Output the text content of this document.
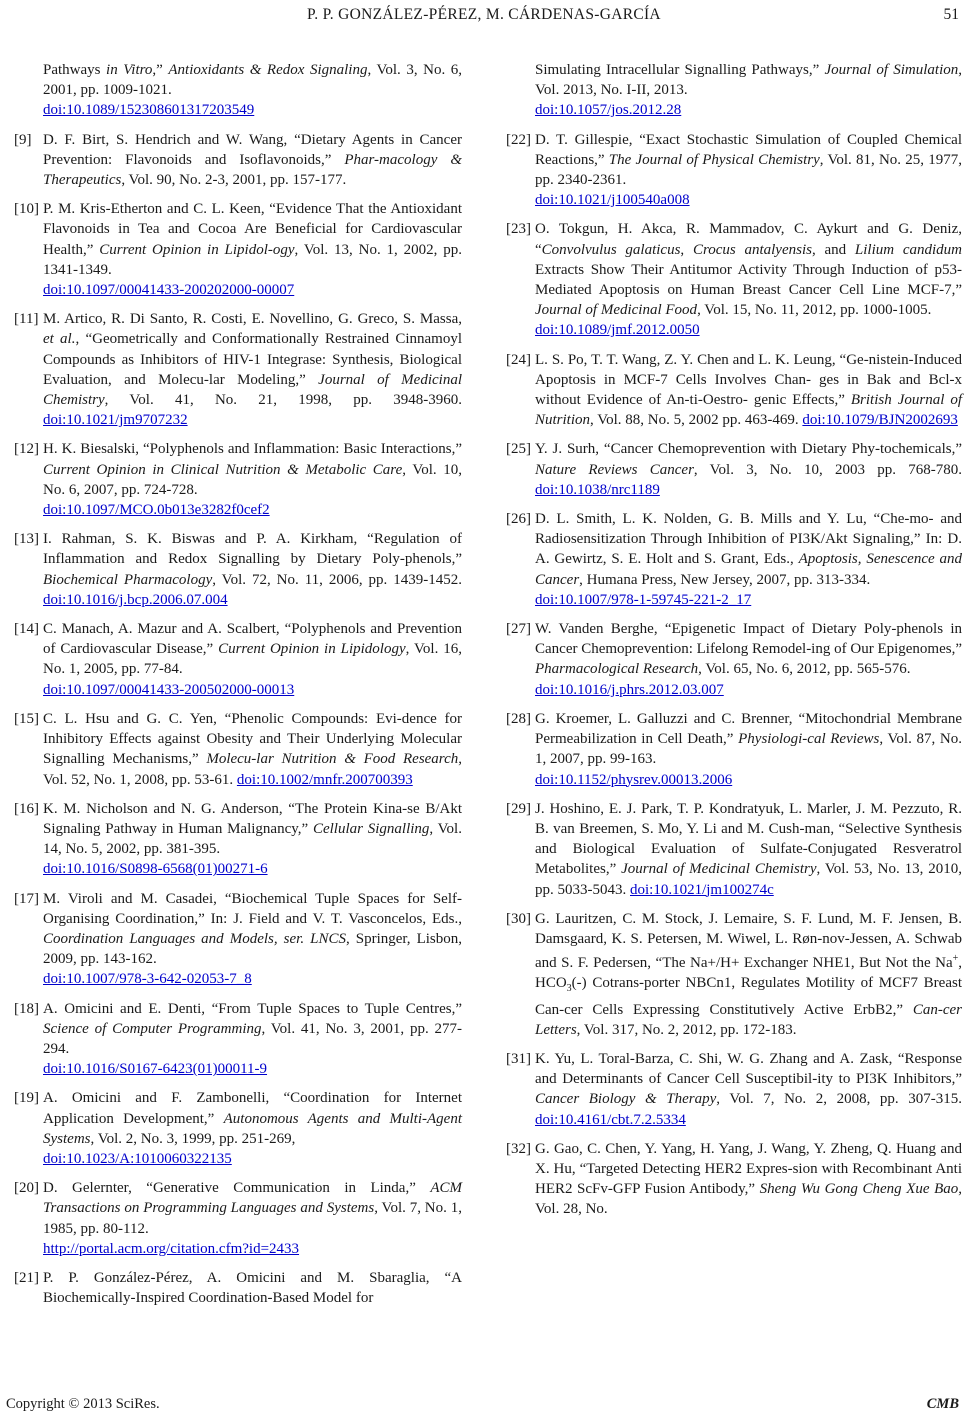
P. P. GONZÁLEZ-PÉREZ, M. CÁRDENAS-GARCÍA	51
Pathways in Vitro,” Antioxidants & Redox Signaling, Vol. 3, No. 6, 2001, pp. 1009-1021.
doi:10.1089/152308601317203549
[9] D. F. Birt, S. Hendrich and W. Wang, “Dietary Agents in Cancer Prevention: Flavonoids and Isoflavonoids,” Phar-macology & Therapeutics, Vol. 90, No. 2-3, 2001, pp. 157-177.
[10] P. M. Kris-Etherton and C. L. Keen, “Evidence That the Antioxidant Flavonoids in Tea and Cocoa Are Beneficial for Cardiovascular Health,” Current Opinion in Lipidol-ogy, Vol. 13, No. 1, 2002, pp. 1341-1349.
doi:10.1097/00041433-200202000-00007
[11] M. Artico, R. Di Santo, R. Costi, E. Novellino, G. Greco, S. Massa, et al., “Geometrically and Conformationally Restrained Cinnamoyl Compounds as Inhibitors of HIV-1 Integrase: Synthesis, Biological Evaluation, and Molecu-lar Modeling,” Journal of Medicinal Chemistry, Vol. 41, No. 21, 1998, pp. 3948-3960. doi:10.1021/jm9707232
[12] H. K. Biesalski, “Polyphenols and Inflammation: Basic Interactions,” Current Opinion in Clinical Nutrition & Metabolic Care, Vol. 10, No. 6, 2007, pp. 724-728.
doi:10.1097/MCO.0b013e3282f0cef2
[13] I. Rahman, S. K. Biswas and P. A. Kirkham, “Regulation of Inflammation and Redox Signalling by Dietary Poly-phenols,” Biochemical Pharmacology, Vol. 72, No. 11, 2006, pp. 1439-1452. doi:10.1016/j.bcp.2006.07.004
[14] C. Manach, A. Mazur and A. Scalbert, “Polyphenols and Prevention of Cardiovascular Disease,” Current Opinion in Lipidology, Vol. 16, No. 1, 2005, pp. 77-84.
doi:10.1097/00041433-200502000-00013
[15] C. L. Hsu and G. C. Yen, “Phenolic Compounds: Evi-dence for Inhibitory Effects against Obesity and Their Underlying Molecular Signalling Mechanisms,” Molecu-lar Nutrition & Food Research, Vol. 52, No. 1, 2008, pp. 53-61. doi:10.1002/mnfr.200700393
[16] K. M. Nicholson and N. G. Anderson, “The Protein Kina-se B/Akt Signaling Pathway in Human Malignancy,” Cellular Signalling, Vol. 14, No. 5, 2002, pp. 381-395.
doi:10.1016/S0898-6568(01)00271-6
[17] M. Viroli and M. Casadei, “Biochemical Tuple Spaces for Self-Organising Coordination,” In: J. Field and V. T. Vasconcelos, Eds., Coordination Languages and Models, ser. LNCS, Springer, Lisbon, 2009, pp. 143-162.
doi:10.1007/978-3-642-02053-7_8
[18] A. Omicini and E. Denti, “From Tuple Spaces to Tuple Centres,” Science of Computer Programming, Vol. 41, No. 3, 2001, pp. 277-294.
doi:10.1016/S0167-6423(01)00011-9
[19] A. Omicini and F. Zambonelli, “Coordination for Internet Application Development,” Autonomous Agents and Multi-Agent Systems, Vol. 2, No. 3, 1999, pp. 251-269,
doi:10.1023/A:1010060322135
[20] D. Gelernter, “Generative Communication in Linda,” ACM Transactions on Programming Languages and Systems, Vol. 7, No. 1, 1985, pp. 80-112.
http://portal.acm.org/citation.cfm?id=2433
[21] P. P. González-Pérez, A. Omicini and M. Sbaraglia, “A Biochemically-Inspired Coordination-Based Model for
Simulating Intracellular Signalling Pathways,” Journal of Simulation, Vol. 2013, No. I-II, 2013.
doi:10.1057/jos.2012.28
[22] D. T. Gillespie, “Exact Stochastic Simulation of Coupled Chemical Reactions,” The Journal of Physical Chemistry, Vol. 81, No. 25, 1977, pp. 2340-2361.
doi:10.1021/j100540a008
[23] O. Tokgun, H. Akca, R. Mammadov, C. Aykurt and G. Deniz, “Convolvulus galaticus, Crocus antalyensis, and Lilium candidum Extracts Show Their Antitumor Activity Through Induction of p53-Mediated Apoptosis on Human Breast Cancer Cell Line MCF-7,” Journal of Medicinal Food, Vol. 15, No. 11, 2012, pp. 1000-1005.
doi:10.1089/jmf.2012.0050
[24] L. S. Po, T. T. Wang, Z. Y. Chen and L. K. Leung, “Ge-nistein-Induced Apoptosis in MCF-7 Cells Involves Chan- ges in Bak and Bcl-x without Evidence of An-ti-Oestro- genic Effects,” British Journal of Nutrition, Vol. 88, No. 5, 2002 pp. 463-469. doi:10.1079/BJN2002693
[25] Y. J. Surh, “Cancer Chemoprevention with Dietary Phy-tochemicals,” Nature Reviews Cancer, Vol. 3, No. 10, 2003 pp. 768-780. doi:10.1038/nrc1189
[26] D. L. Smith, L. K. Nolden, G. B. Mills and Y. Lu, “Che-mo- and Radiosensitization Through Inhibition of PI3K/Akt Signaling,” In: D. A. Gewirtz, S. E. Holt and S. Grant, Eds., Apoptosis, Senescence and Cancer, Humana Press, New Jersey, 2007, pp. 313-334.
doi:10.1007/978-1-59745-221-2_17
[27] W. Vanden Berghe, “Epigenetic Impact of Dietary Poly-phenols in Cancer Chemoprevention: Lifelong Remodel-ing of Our Epigenomes,” Pharmacological Research, Vol. 65, No. 6, 2012, pp. 565-576.
doi:10.1016/j.phrs.2012.03.007
[28] G. Kroemer, L. Galluzzi and C. Brenner, “Mitochondrial Membrane Permeabilization in Cell Death,” Physiologi-cal Reviews, Vol. 87, No. 1, 2007, pp. 99-163.
doi:10.1152/physrev.00013.2006
[29] J. Hoshino, E. J. Park, T. P. Kondratyuk, L. Marler, J. M. Pezzuto, R. B. van Breemen, S. Mo, Y. Li and M. Cush-man, “Selective Synthesis and Biological Evaluation of Sulfate-Conjugated Resveratrol Metabolites,” Journal of Medicinal Chemistry, Vol. 53, No. 13, 2010, pp. 5033-5043. doi:10.1021/jm100274c
[30] G. Lauritzen, C. M. Stock, J. Lemaire, S. F. Lund, M. F. Jensen, B. Damsgaard, K. S. Petersen, M. Wiwel, L. Røn-nov-Jessen, A. Schwab and S. F. Pedersen, “The Na+/H+ Exchanger NHE1, But Not the Na+, $HCO_3(-)$ Cotrans-porter NBCn1, Regulates Motility of MCF7 Breast Can-cer Cells Expressing Constitutively Active ErbB2,” Can-cer Letters, Vol. 317, No. 2, 2012, pp. 172-183.
[31] K. Yu, L. Toral-Barza, C. Shi, W. G. Zhang and A. Zask, “Response and Determinants of Cancer Cell Susceptibil-ity to PI3K Inhibitors,” Cancer Biology & Therapy, Vol. 7, No. 2, 2008, pp. 307-315. doi:10.4161/cbt.7.2.5334
[32] G. Gao, C. Chen, Y. Yang, H. Yang, J. Wang, Y. Zheng, Q. Huang and X. Hu, “Targeted Detecting HER2 Expres-sion with Recombinant Anti HER2 ScFv-GFP Fusion Antibody,” Sheng Wu Gong Cheng Xue Bao, Vol. 28, No.
Copyright © 2013 SciRes.	CMB
